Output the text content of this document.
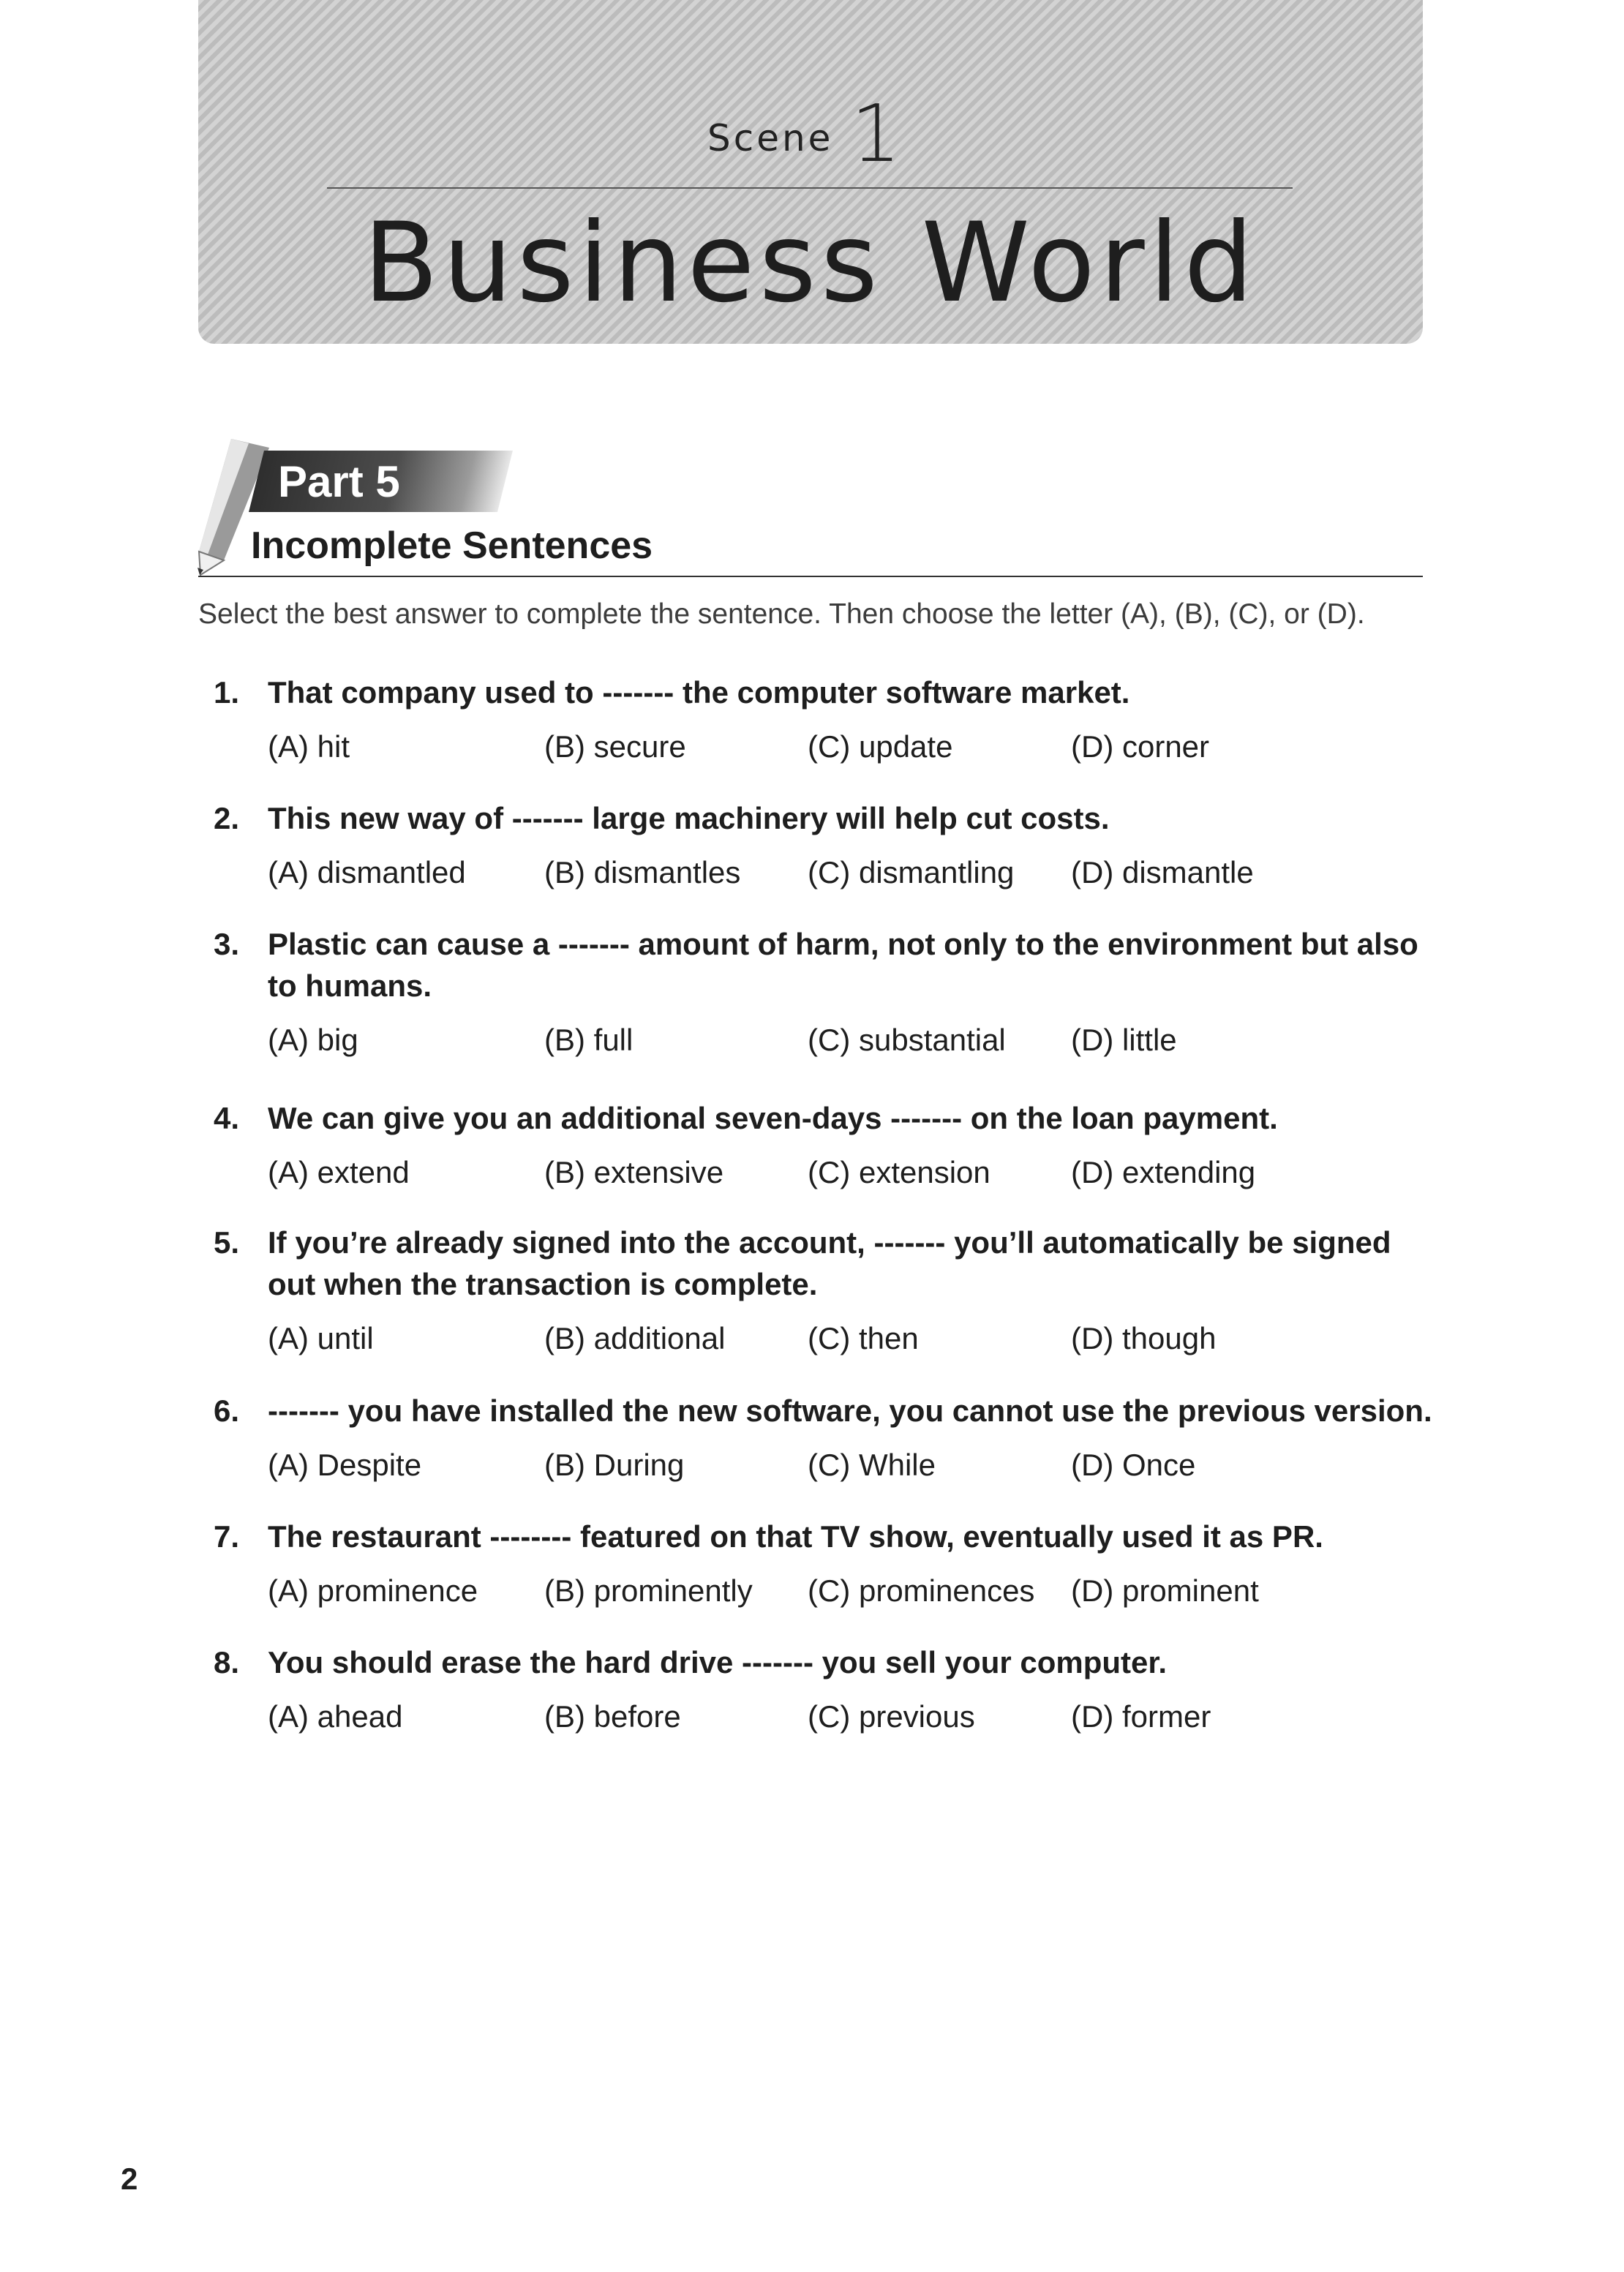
Scene 1
Business World
Part 5
Incomplete Sentences
Select the best answer to complete the sentence. Then choose the letter (A), (B), (C), or (D).
1. That company used to ------- the computer software market.
(A) hit	(B) secure	(C) update	(D) corner
2. This new way of ------- large machinery will help cut costs.
(A) dismantled	(B) dismantles (C) dismantling (D) dismantle
3. Plastic can cause a ------- amount of harm, not only to the environment but also to humans.
(A) big	(B) full	(C) substantial (D) little
4. We can give you an additional seven-days ------- on the loan payment.
(A) extend	(B) extensive	(C) extension	(D) extending
5. If you’re already signed into the account, ------- you’ll automatically be signed out when the transaction is complete.
(A) until	(B) additional	(C) then	(D) though
6. ------- you have installed the new software, you cannot use the previous version.
(A) Despite	(B) During	(C) While	(D) Once
7. The restaurant -------- featured on that TV show, eventually used it as PR.
(A) prominence (B) prominently (C) prominences (D) prominent
8. You should erase the hard drive ------- you sell your computer.
(A) ahead	(B) before	(C) previous	(D) former
2
